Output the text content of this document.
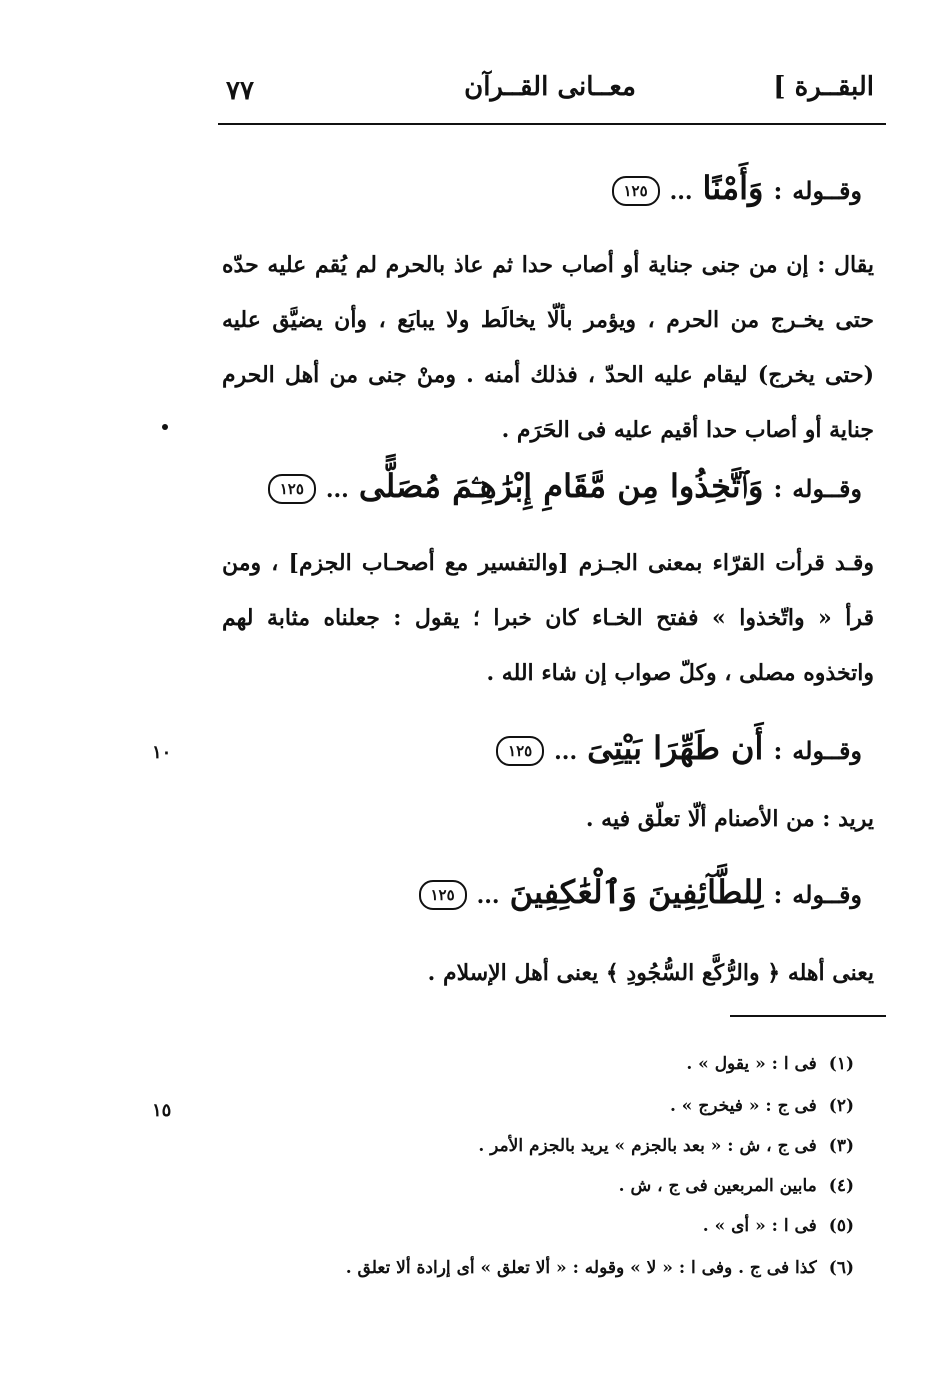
البقــرة ]
معــانى القــرآن
٧٧
وقــوله:وَأَمْنًا...١٢٥
يقال : إن من جنى جناية أو أصاب حدا ثم عاذ بالحرم لم يُقم عليه حدّه حتى يخـرج من الحرم ، ويؤمر بألّا يخالَط ولا يبايَع ، وأن يضيَّق عليه (حتى يخرج) ليقام عليه الحدّ ، فذلك أمنه . ومنْ جنى من أهل الحرم جناية أو أصاب حدا أقيم عليه فى الحَرَم .
وقــوله:وَٱتَّخِذُوا مِن مَّقَامِ إِبْرَٰهِـۧمَ مُصَلًّى...١٢٥
وقـد قرأت القرّاء بمعنى الجـزم [والتفسير مع أصحـاب الجزم] ، ومن قرأ « واتّخذوا » ففتح الخـاء كان خبرا ؛ يقول : جعلناه مثابة لهم واتخذوه مصلى ، وكلّ صواب إن شاء الله .
وقــوله:أَن طَهِّرَا بَيْتِىَ...١٢٥
١٠
يريد : من الأصنام ألّا تعلّق فيه .
وقــوله:لِلطَّآئِفِينَ وَٱلْعَٰكِفِينَ...١٢٥
يعنى أهله ﴿ والرُّكَّع السُّجُودِ ﴾ يعنى أهل الإسلام .
(١)فى ا : « يقول » .
(٢)فى ج : « فيخرج » .
(٣)فى ج ، ش : « بعد بالجزم » يريد بالجزم الأمر .
(٤)مابين المربعين فى ج ، ش .
(٥)فى ا : « أى » .
(٦)كذا فى ج . وفى ا : « لا » وقوله : « ألا تعلق » أى إرادة ألا تعلق .
١٥
